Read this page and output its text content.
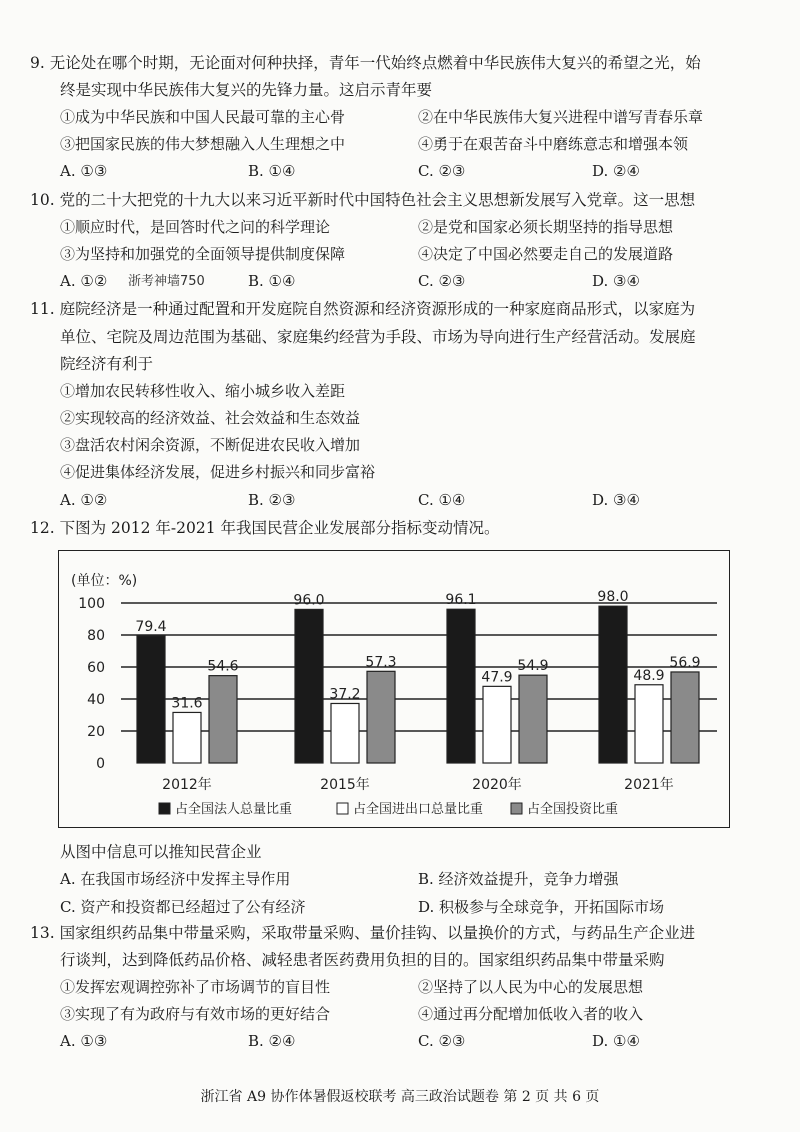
9. 无论处在哪个时期，无论面对何种抉择，青年一代始终点燃着中华民族伟大复兴的希望之光，始
终是实现中华民族伟大复兴的先锋力量。这启示青年要
①成为中华民族和中国人民最可靠的主心骨	②在中华民族伟大复兴进程中谱写青春乐章
③把国家民族的伟大梦想融入人生理想之中	④勇于在艰苦奋斗中磨练意志和增强本领
A. ①③	B. ①④	C. ②③	D. ②④
10. 党的二十大把党的十九大以来习近平新时代中国特色社会主义思想新发展写入党章。这一思想
①顺应时代，是回答时代之问的科学理论	②是党和国家必须长期坚持的指导思想
③为坚持和加强党的全面领导提供制度保障	④决定了中国必然要走自己的发展道路
A. ①② 浙考神墙750	B. ①④	C. ②③	D. ③④
11. 庭院经济是一种通过配置和开发庭院自然资源和经济资源形成的一种家庭商品形式，以家庭为
单位、宅院及周边范围为基础、家庭集约经营为手段、市场为导向进行生产经营活动。发展庭
院经济有利于
①增加农民转移性收入、缩小城乡收入差距
②实现较高的经济效益、社会效益和生态效益
③盘活农村闲余资源，不断促进农民收入增加
④促进集体经济发展，促进乡村振兴和同步富裕
A. ①②	B. ②③	C. ①④	D. ③④
12. 下图为 2012 年-2021 年我国民营企业发展部分指标变动情况。
(单位：%)
0
20
40
60
80
100
79.4
31.6
54.6
96.0
37.2
57.3
96.1
47.9
54.9
98.0
48.9
56.9
2012年	2015年	2020年	2021年
占全国法人总量比重	占全国进出口总量比重	占全国投资比重
从图中信息可以推知民营企业
A. 在我国市场经济中发挥主导作用	B. 经济效益提升，竞争力增强
C. 资产和投资都已经超过了公有经济	D. 积极参与全球竞争，开拓国际市场
13. 国家组织药品集中带量采购，采取带量采购、量价挂钩、以量换价的方式，与药品生产企业进
行谈判，达到降低药品价格、减轻患者医药费用负担的目的。国家组织药品集中带量采购
①发挥宏观调控弥补了市场调节的盲目性	②坚持了以人民为中心的发展思想
③实现了有为政府与有效市场的更好结合	④通过再分配增加低收入者的收入
A. ①③	B. ②④	C. ②③	D. ①④
浙江省 A9 协作体暑假返校联考 高三政治试题卷 第 2 页 共 6 页
